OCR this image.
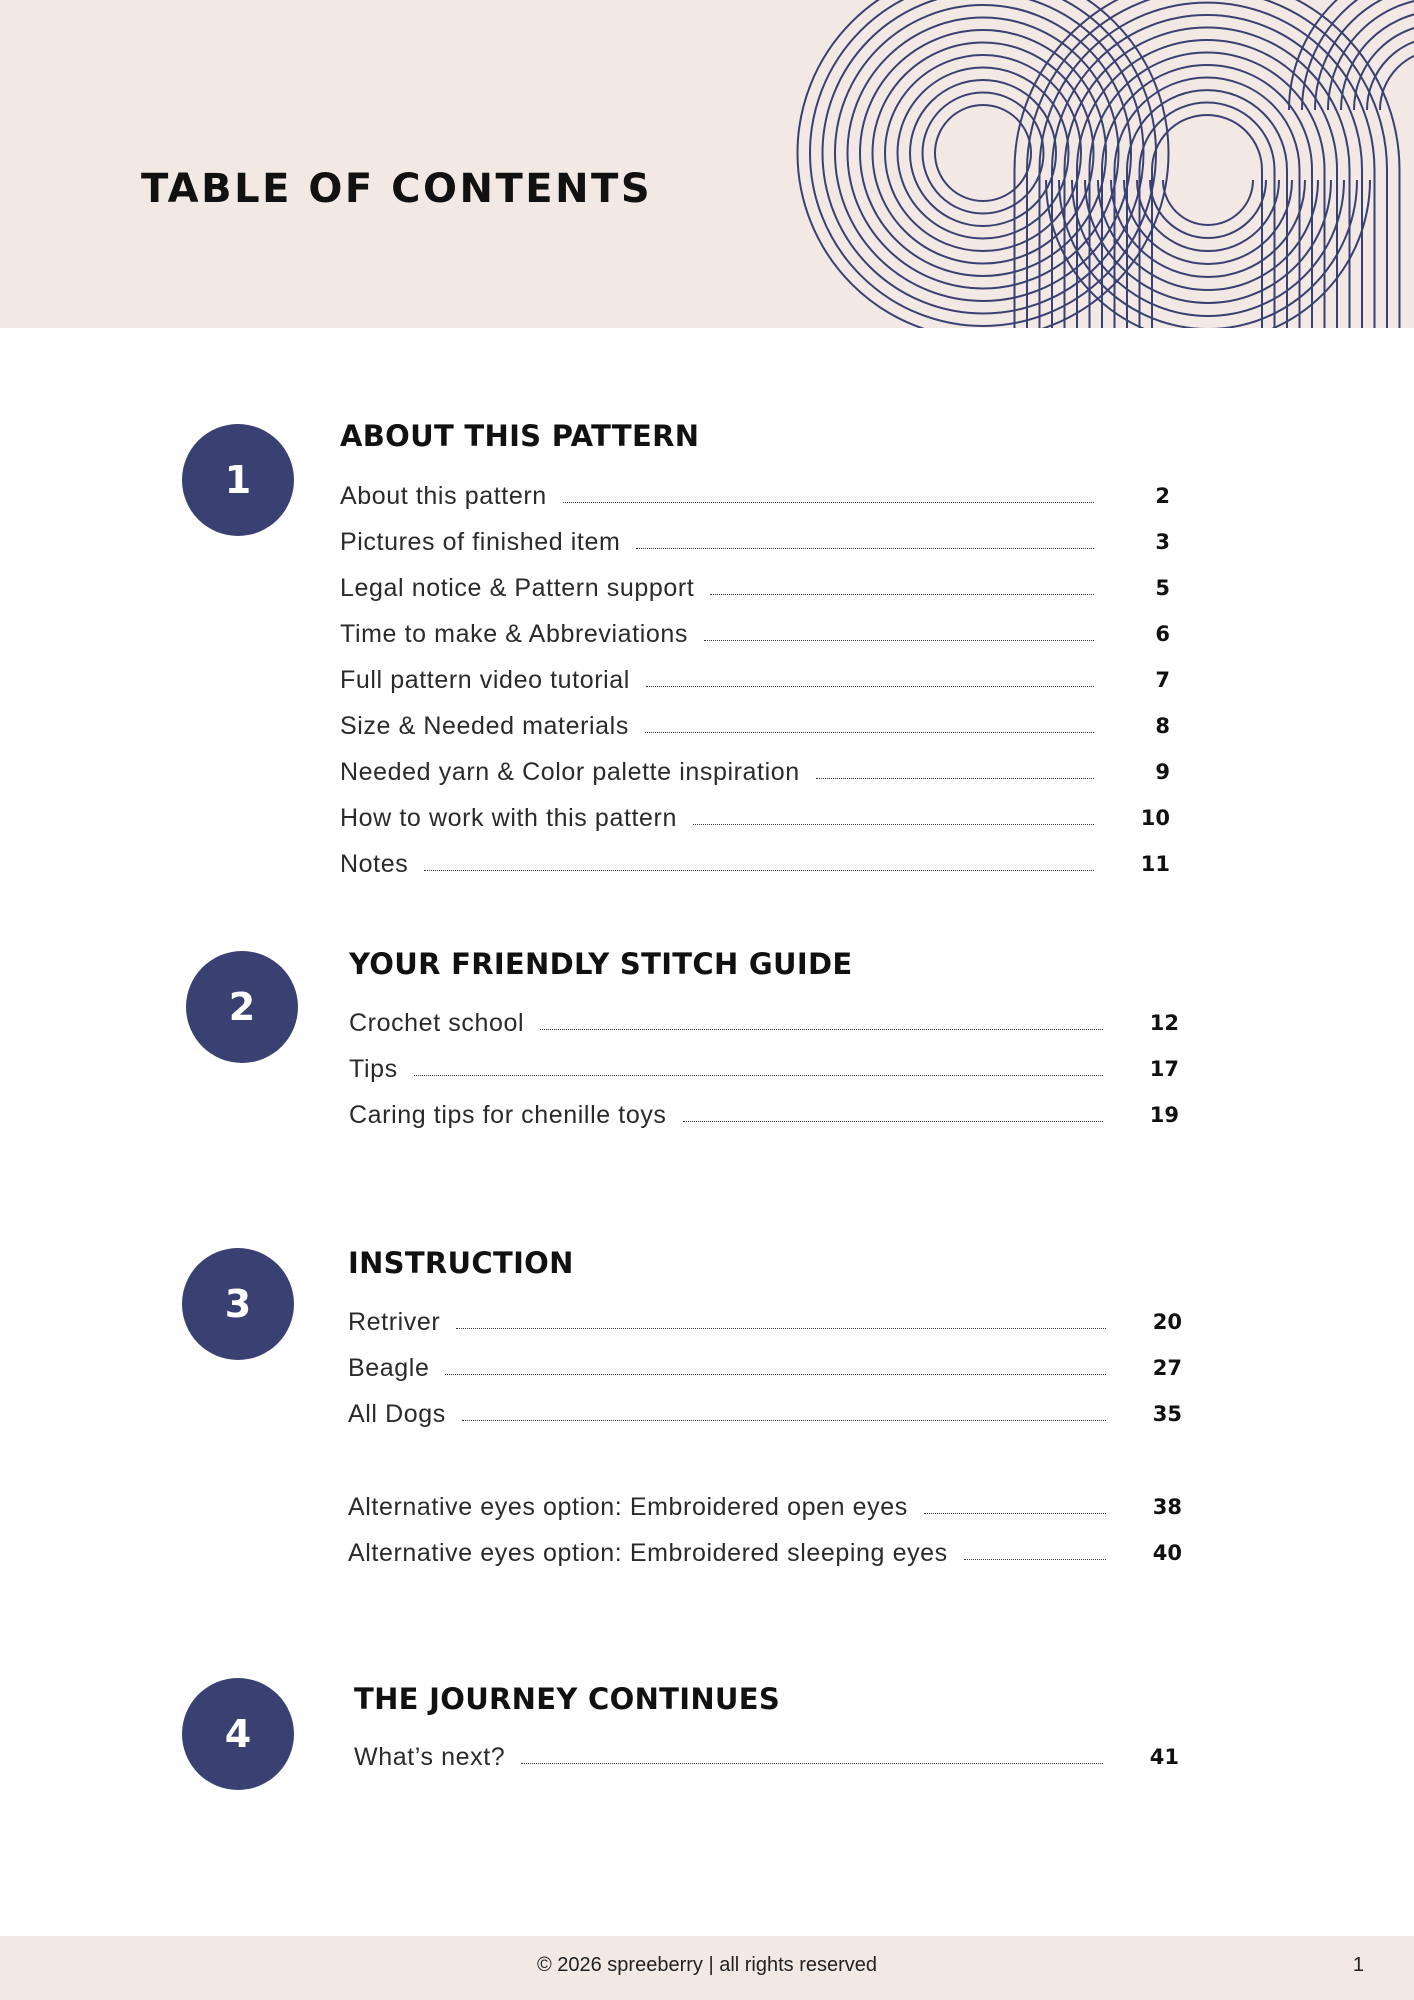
TABLE OF CONTENTS
1
ABOUT THIS PATTERN
About this pattern	2
Pictures of finished item	3
Legal notice & Pattern support	5
Time to make & Abbreviations	6
Full pattern video tutorial	7
Size & Needed materials	8
Needed yarn & Color palette inspiration	9
How to work with this pattern	10
Notes	11
2
YOUR FRIENDLY STITCH GUIDE
Crochet school	12
Tips	17
Caring tips for chenille toys	19
3
INSTRUCTION
Retriver	20
Beagle	27
All Dogs	35
Alternative eyes option: Embroidered open eyes	38
Alternative eyes option: Embroidered sleeping eyes	40
4
THE JOURNEY CONTINUES
What’s next?	41
© 2026 spreeberry | all rights reserved	1
